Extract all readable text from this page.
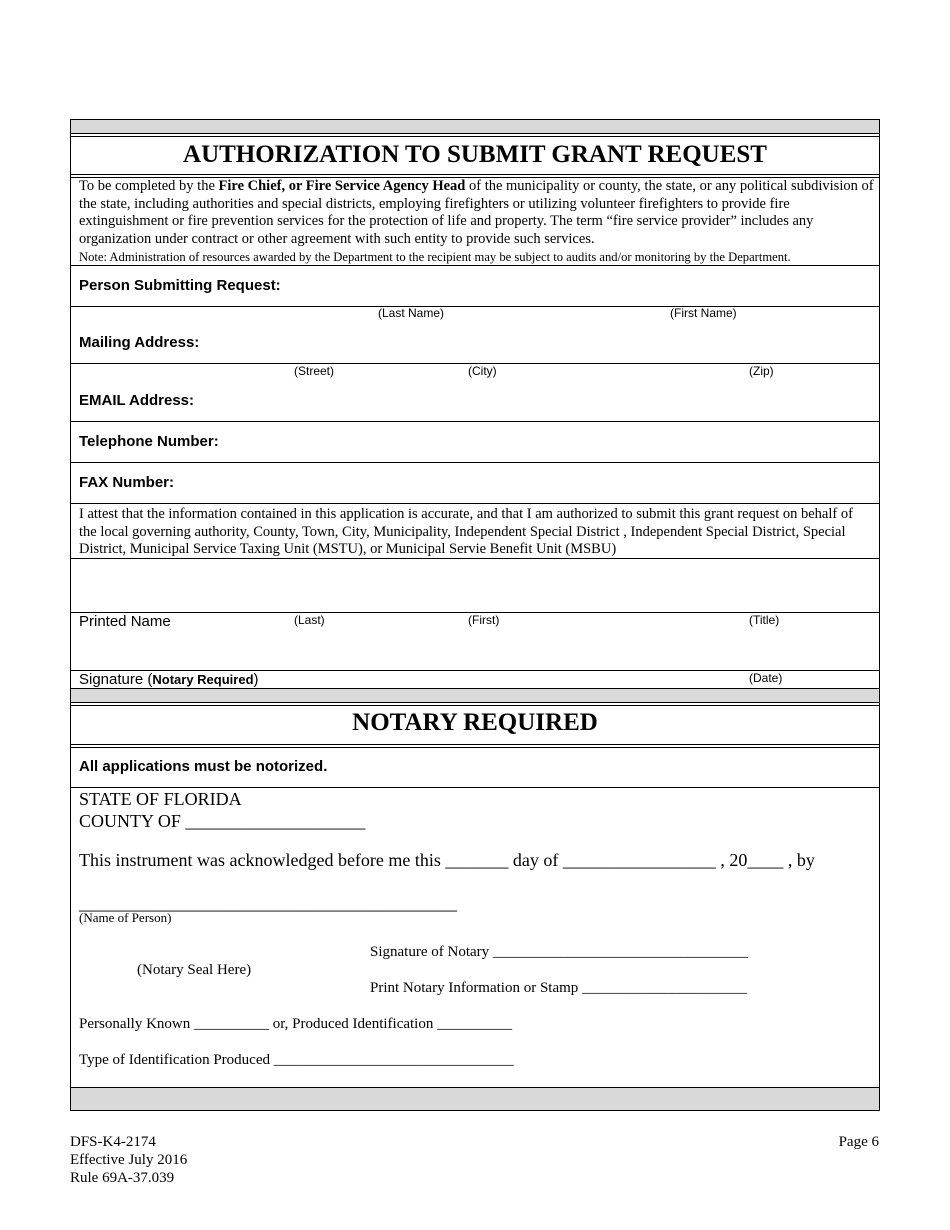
AUTHORIZATION TO SUBMIT GRANT REQUEST
To be completed by the Fire Chief, or Fire Service Agency Head of the municipality or county, the state, or any political subdivision of the state, including authorities and special districts, employing firefighters or utilizing volunteer firefighters to provide fire extinguishment or fire prevention services for the protection of life and property. The term “fire service provider” includes any organization under contract or other agreement with such entity to provide such services.
Note: Administration of resources awarded by the Department to the recipient may be subject to audits and/or monitoring by the Department.
Person Submitting Request:
(Last Name)	(First Name)
Mailing Address:
(Street)	(City)	(Zip)
EMAIL Address:
Telephone Number:
FAX Number:
I attest that the information contained in this application is accurate, and that I am authorized to submit this grant request on behalf of the local governing authority, County, Town, City, Municipality, Independent Special District , Independent Special District, Special District, Municipal Service Taxing Unit (MSTU), or Municipal Servie Benefit Unit (MSBU)
Printed Name	(Last)	(First)	(Title)
Signature (Notary Required)	(Date)
NOTARY REQUIRED
All applications must be notorized.
STATE OF FLORIDA
COUNTY OF ____________________
This instrument was acknowledged before me this _______ day of _________________ , 20____ , by
__________________________________________
(Name of Person)
Signature of Notary __________________________________
(Notary Seal Here)
Print Notary Information or Stamp ______________________
Personally Known __________ or, Produced Identification __________
Type of Identification Produced ________________________________
DFS-K4-2174
Effective July 2016
Rule 69A-37.039
Page 6
